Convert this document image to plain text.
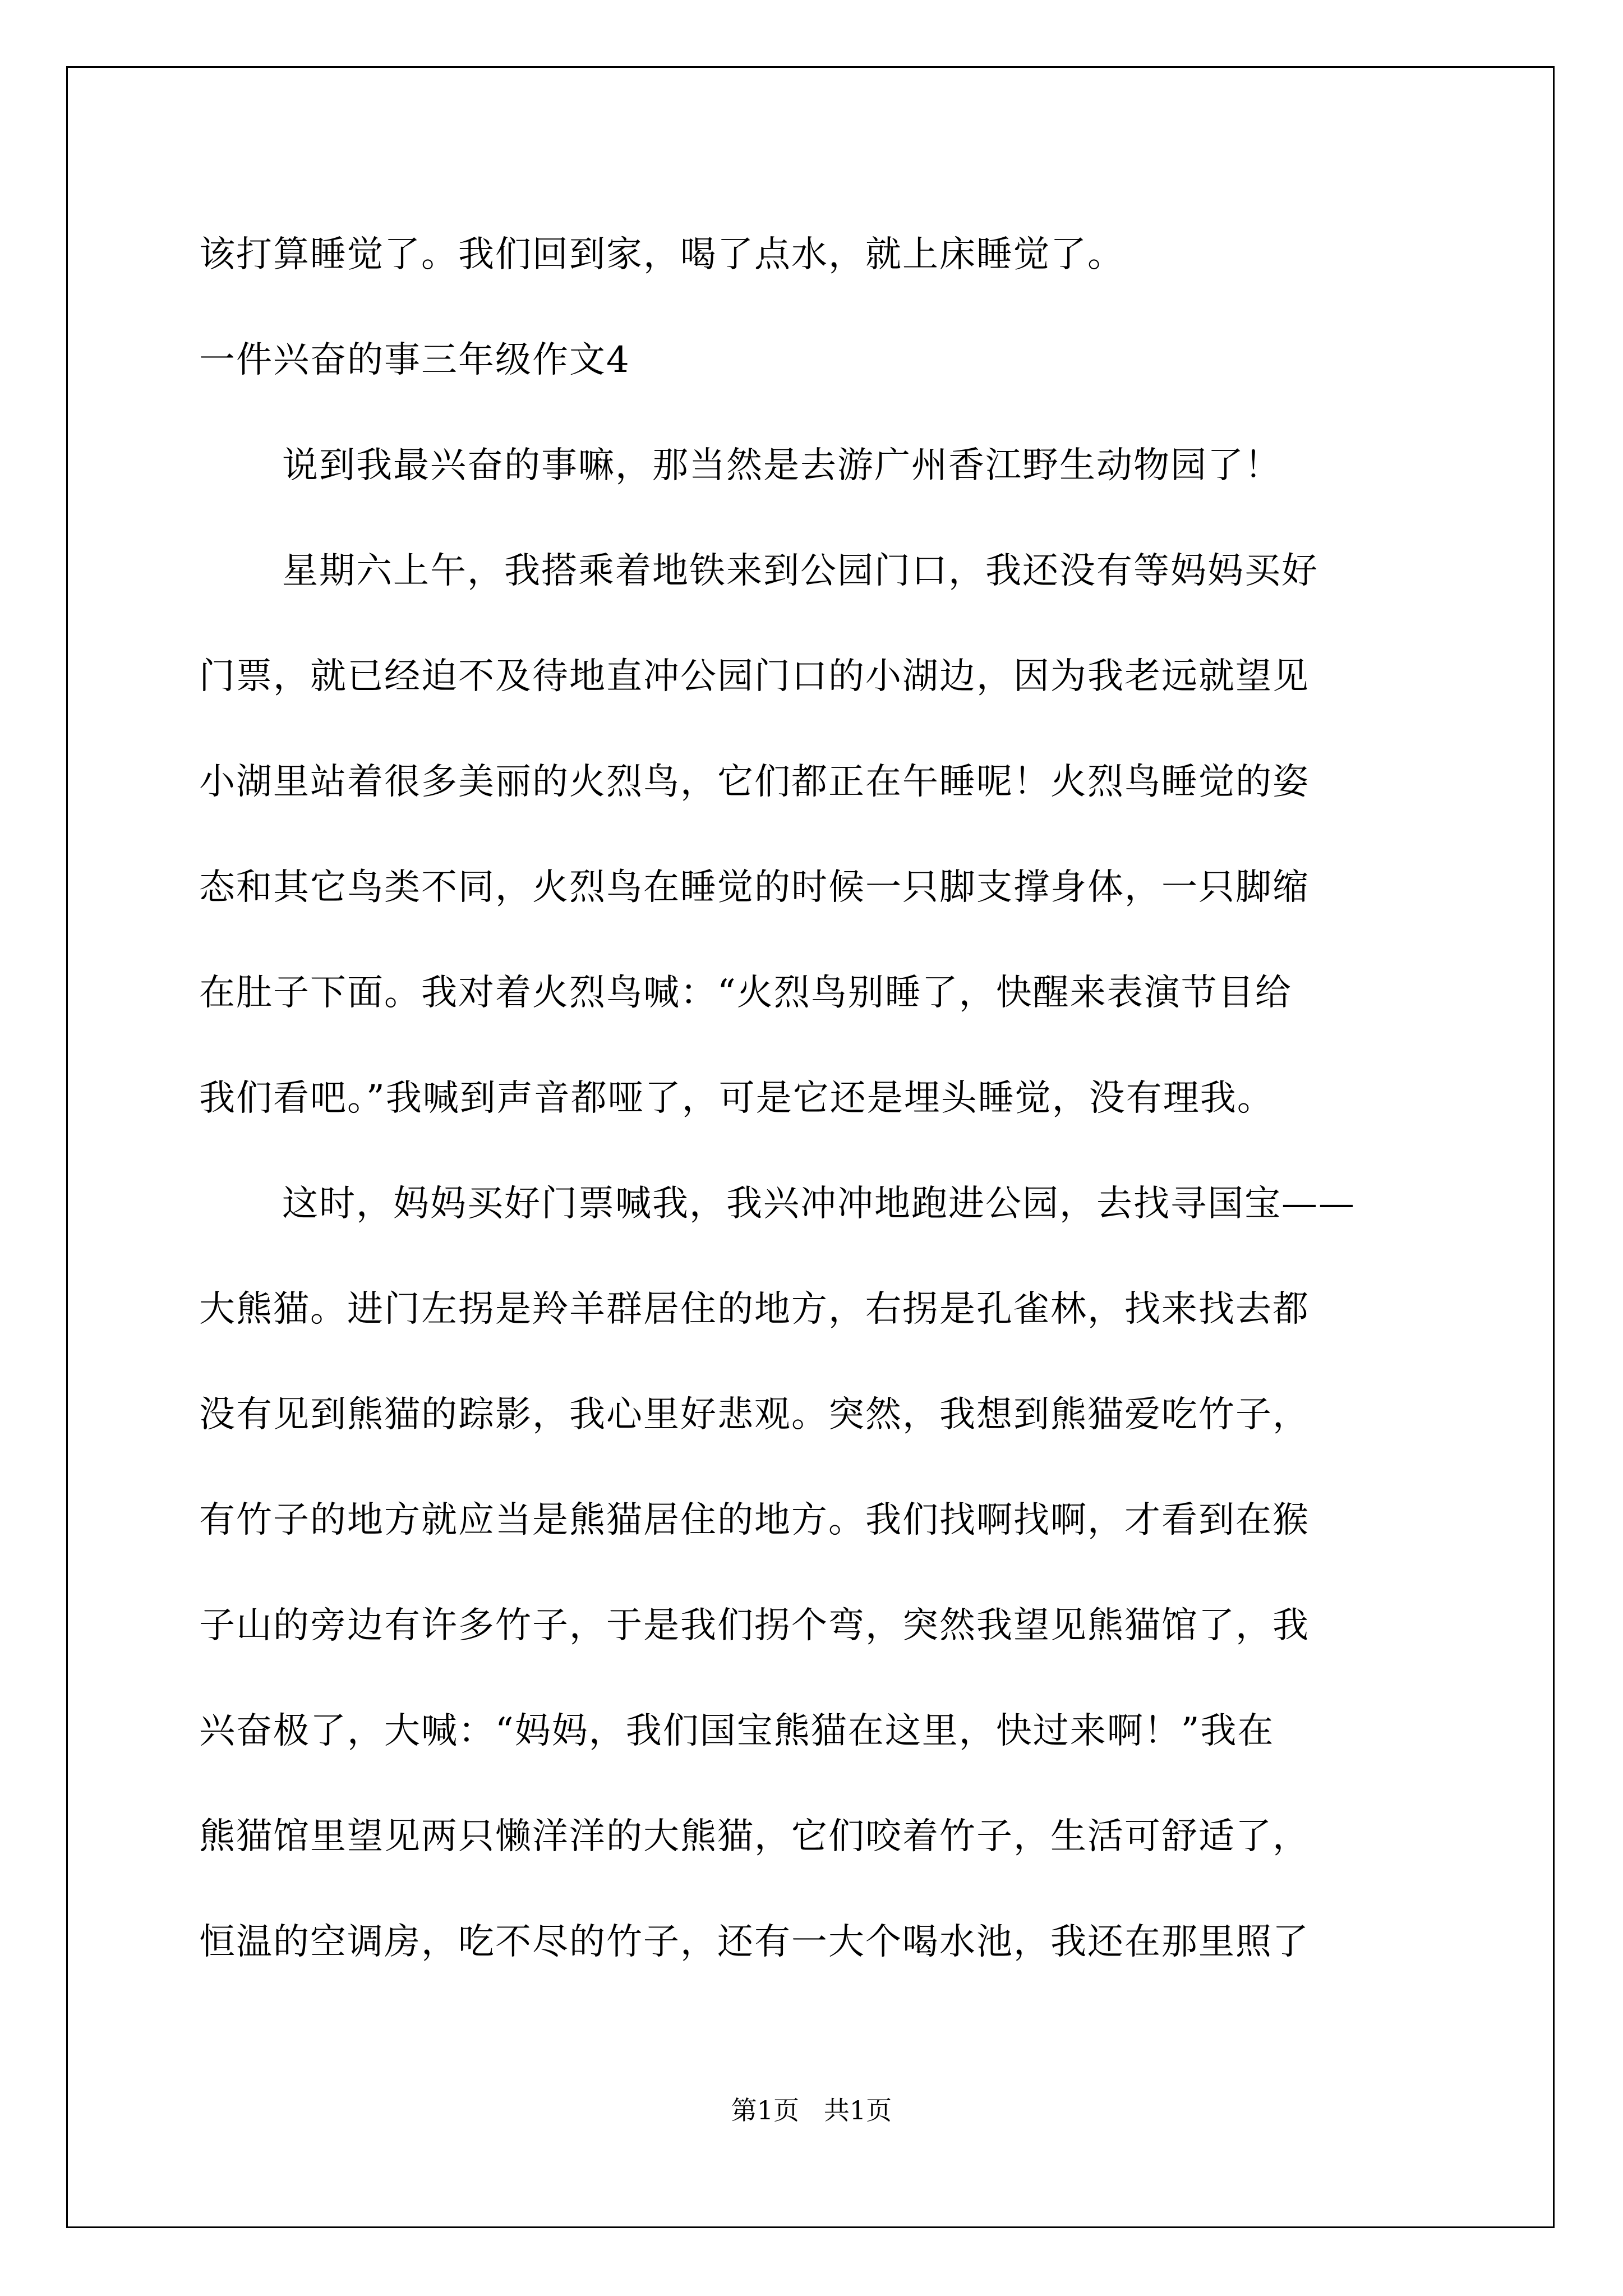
该打算睡觉了。我们回到家，喝了点水，就上床睡觉了。
一件兴奋的事三年级作文4
说到我最兴奋的事嘛，那当然是去游广州香江野生动物园了！
星期六上午，我搭乘着地铁来到公园门口，我还没有等妈妈买好
门票，就已经迫不及待地直冲公园门口的小湖边，因为我老远就望见
小湖里站着很多美丽的火烈鸟，它们都正在午睡呢！火烈鸟睡觉的姿
态和其它鸟类不同，火烈鸟在睡觉的时候一只脚支撑身体，一只脚缩
在肚子下面。我对着火烈鸟喊：“火烈鸟别睡了，快醒来表演节目给
我们看吧。”我喊到声音都哑了，可是它还是埋头睡觉，没有理我。
这时，妈妈买好门票喊我，我兴冲冲地跑进公园，去找寻国宝——
大熊猫。进门左拐是羚羊群居住的地方，右拐是孔雀林，找来找去都
没有见到熊猫的踪影，我心里好悲观。突然，我想到熊猫爱吃竹子，
有竹子的地方就应当是熊猫居住的地方。我们找啊找啊，才看到在猴
子山的旁边有许多竹子，于是我们拐个弯，突然我望见熊猫馆了，我
兴奋极了，大喊：“妈妈，我们国宝熊猫在这里，快过来啊！”我在
熊猫馆里望见两只懒洋洋的大熊猫，它们咬着竹子，生活可舒适了，
恒温的空调房，吃不尽的竹子，还有一大个喝水池，我还在那里照了
第1页   共1页
